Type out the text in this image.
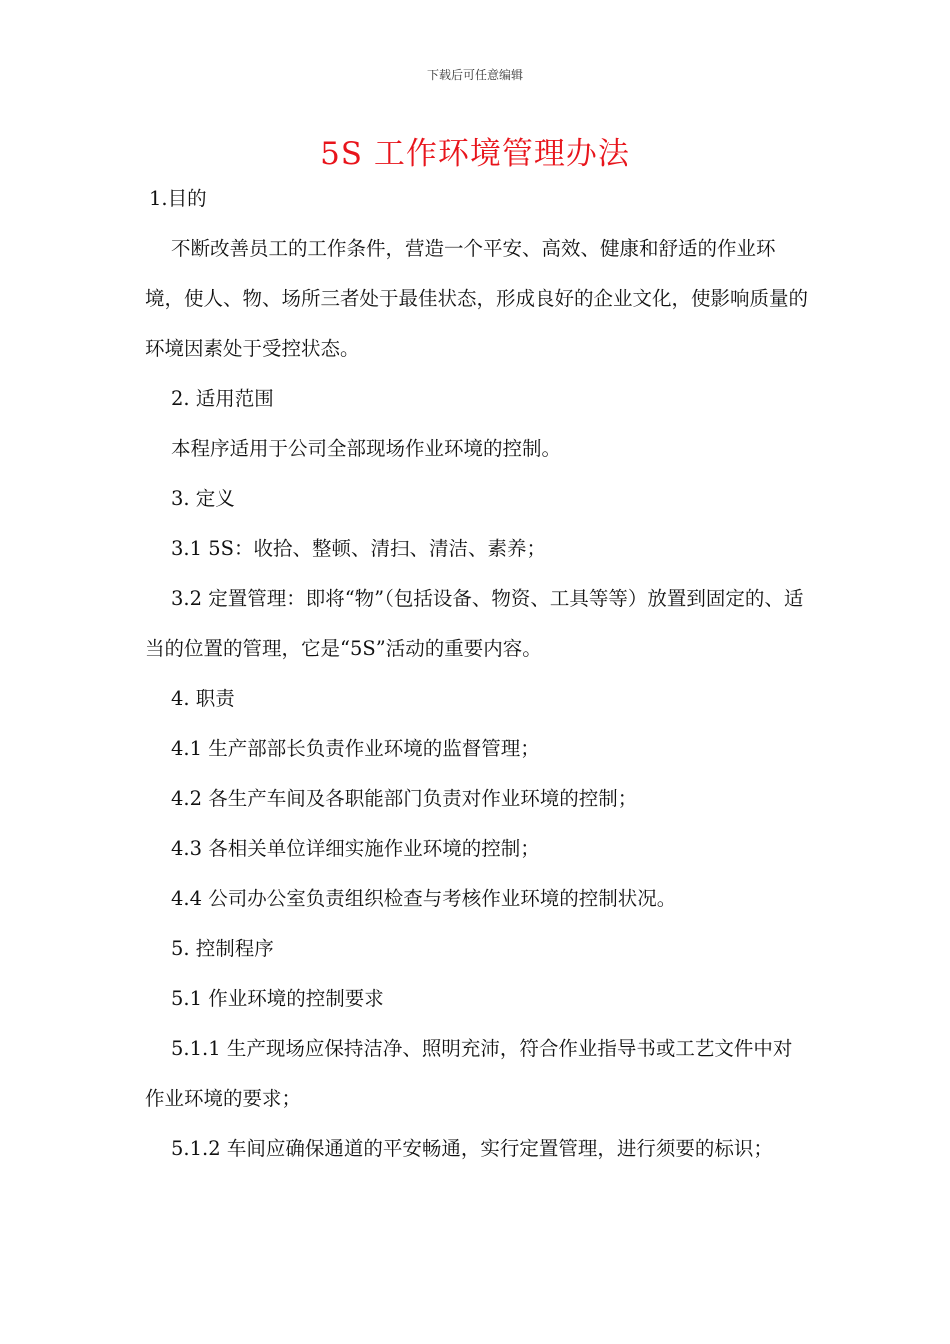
下载后可任意编辑
5S 工作环境管理办法

1.目的

不断改善员工的工作条件，营造一个平安、高效、健康和舒适的作业环境，使人、物、场所三者处于最佳状态，形成良好的企业文化，使影响质量的环境因素处于受控状态。

2. 适用范围

本程序适用于公司全部现场作业环境的控制。

3. 定义

3.1 5S：收拾、整顿、清扫、清洁、素养；

3.2 定置管理：即将“物”（包括设备、物资、工具等等）放置到固定的、适当的位置的管理，它是“5S”活动的重要内容。

4. 职责

4.1 生产部部长负责作业环境的监督管理；

4.2 各生产车间及各职能部门负责对作业环境的控制；

4.3 各相关单位详细实施作业环境的控制；

4.4 公司办公室负责组织检查与考核作业环境的控制状况。

5. 控制程序

5.1 作业环境的控制要求

5.1.1 生产现场应保持洁净、照明充沛，符合作业指导书或工艺文件中对作业环境的要求；

5.1.2 车间应确保通道的平安畅通，实行定置管理，进行须要的标识；
